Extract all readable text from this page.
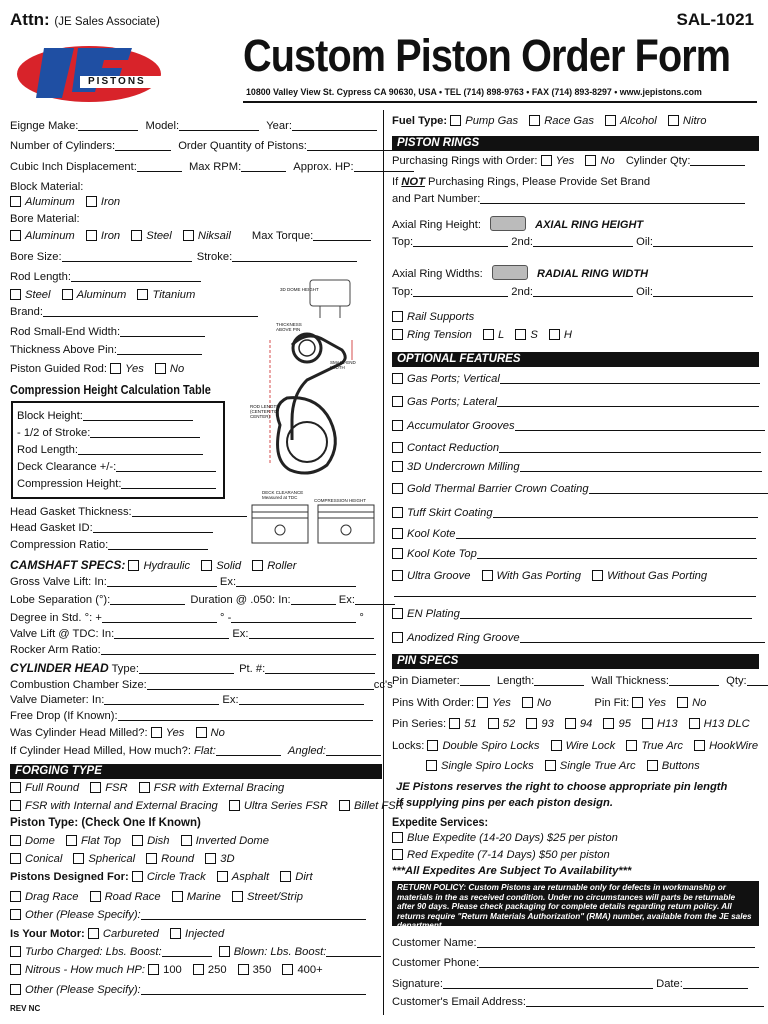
Attn: (JE Sales Associate)	SAL-1021
PISTONS
Custom Piston Order Form
10800 Valley View St. Cypress CA 90630, USA • TEL (714) 898-9763 • FAX (714) 893-8297 • www.jepistons.com
Eignge Make:	Model:	Year:
Number of Cylinders:	Order Quantity of Pistons:
Cubic Inch Displacement:	Max RPM:	Approx. HP:
Block Material:
Aluminum Iron
Bore Material:
Aluminum Iron Steel Niksail Max Torque:
Bore Size:	Stroke:
Rod Length:
Steel Aluminum Titanium
Brand:
Rod Small-End Width:
Thickness Above Pin:
Piston Guided Rod: Yes No
Compression Height Calculation Table
Block Height:
- 1/2 of Stroke:
Rod Length:
Deck Clearance +/-:
Compression Height:
3D DOME HEIGHT
THICKNESS ABOVE PIN
SMALL-END WIDTH
ROD LENGTH (CENTER TO CENTER)
DECK CLEARANCE Measured at TDC
COMPRESSION HEIGHT
Head Gasket Thickness:
Head Gasket ID:
Compression Ratio:
CAMSHAFT SPECS: Hydraulic Solid Roller
Gross Valve Lift: In:	Ex:
Lobe Separation (°):	Duration @ .050: In:	Ex:
Degree in Std. °: +	° -	°
Valve Lift @ TDC: In:	Ex:
Rocker Arm Ratio:
CYLINDER HEAD Type:	Pt. #:
Combustion Chamber Size:	cc's
Valve Diameter: In:	Ex:
Free Drop (If Known):
Was Cylinder Head Milled?: Yes No
If Cylinder Head Milled, How much?: Flat:	Angled:
FORGING TYPE
Full Round FSR FSR with External Bracing
FSR with Internal and External Bracing Ultra Series FSR Billet FSR
Piston Type: (Check One If Known)
Dome Flat Top Dish Inverted Dome
Conical Spherical Round 3D
Pistons Designed For: Circle Track Asphalt Dirt
Drag Race Road Race Marine Street/Strip
Other (Please Specify):
Is Your Motor: Carbureted Injected
Turbo Charged: Lbs. Boost:	Blown: Lbs. Boost:
Nitrous - How much HP: 100 250 350 400+
Other (Please Specify):
REV NC
Fuel Type: Pump Gas Race Gas Alcohol Nitro
PISTON RINGS
Purchasing Rings with Order: Yes No Cylinder Qty:
If NOT Purchasing Rings, Please Provide Set Brand
and Part Number:
Axial Ring Height:	AXIAL RING HEIGHT
Top:	2nd:	Oil:
Axial Ring Widths:	RADIAL RING WIDTH
Top:	2nd:	Oil:
Rail Supports
Ring Tension L S H
OPTIONAL FEATURES
Gas Ports; Vertical
Gas Ports; Lateral
Accumulator Grooves
Contact Reduction
3D Undercrown Milling
Gold Thermal Barrier Crown Coating
Tuff Skirt Coating
Kool Kote
Kool Kote Top
Ultra Groove With Gas Porting Without Gas Porting
EN Plating
Anodized Ring Groove
PIN SPECS
Pin Diameter:	Length:	Wall Thickness:	Qty:
Pins With Order: Yes No	Pin Fit: Yes No
Pin Series: 51 52 93 94 95 H13 H13 DLC
Locks: Double Spiro Locks Wire Lock True Arc HookWire
Single Spiro Locks Single True Arc Buttons
JE Pistons reserves the right to choose appropriate pin length
if supplying pins per each piston design.
Expedite Services:
Blue Expedite (14-20 Days) $25 per piston
Red Expedite (7-14 Days) $50 per piston
***All Expedites Are Subject To Availability***
RETURN POLICY: Custom Pistons are returnable only for defects in workmanship or materials in the as received condition. Under no circumstances will parts be returnable after 90 days. Please check packaging for complete details regarding return policy. All returns require "Return Materials Authorization" (RMA) number, available from the JE sales department.
Customer Name:
Customer Phone:
Signature:	Date:
Customer's Email Address:
